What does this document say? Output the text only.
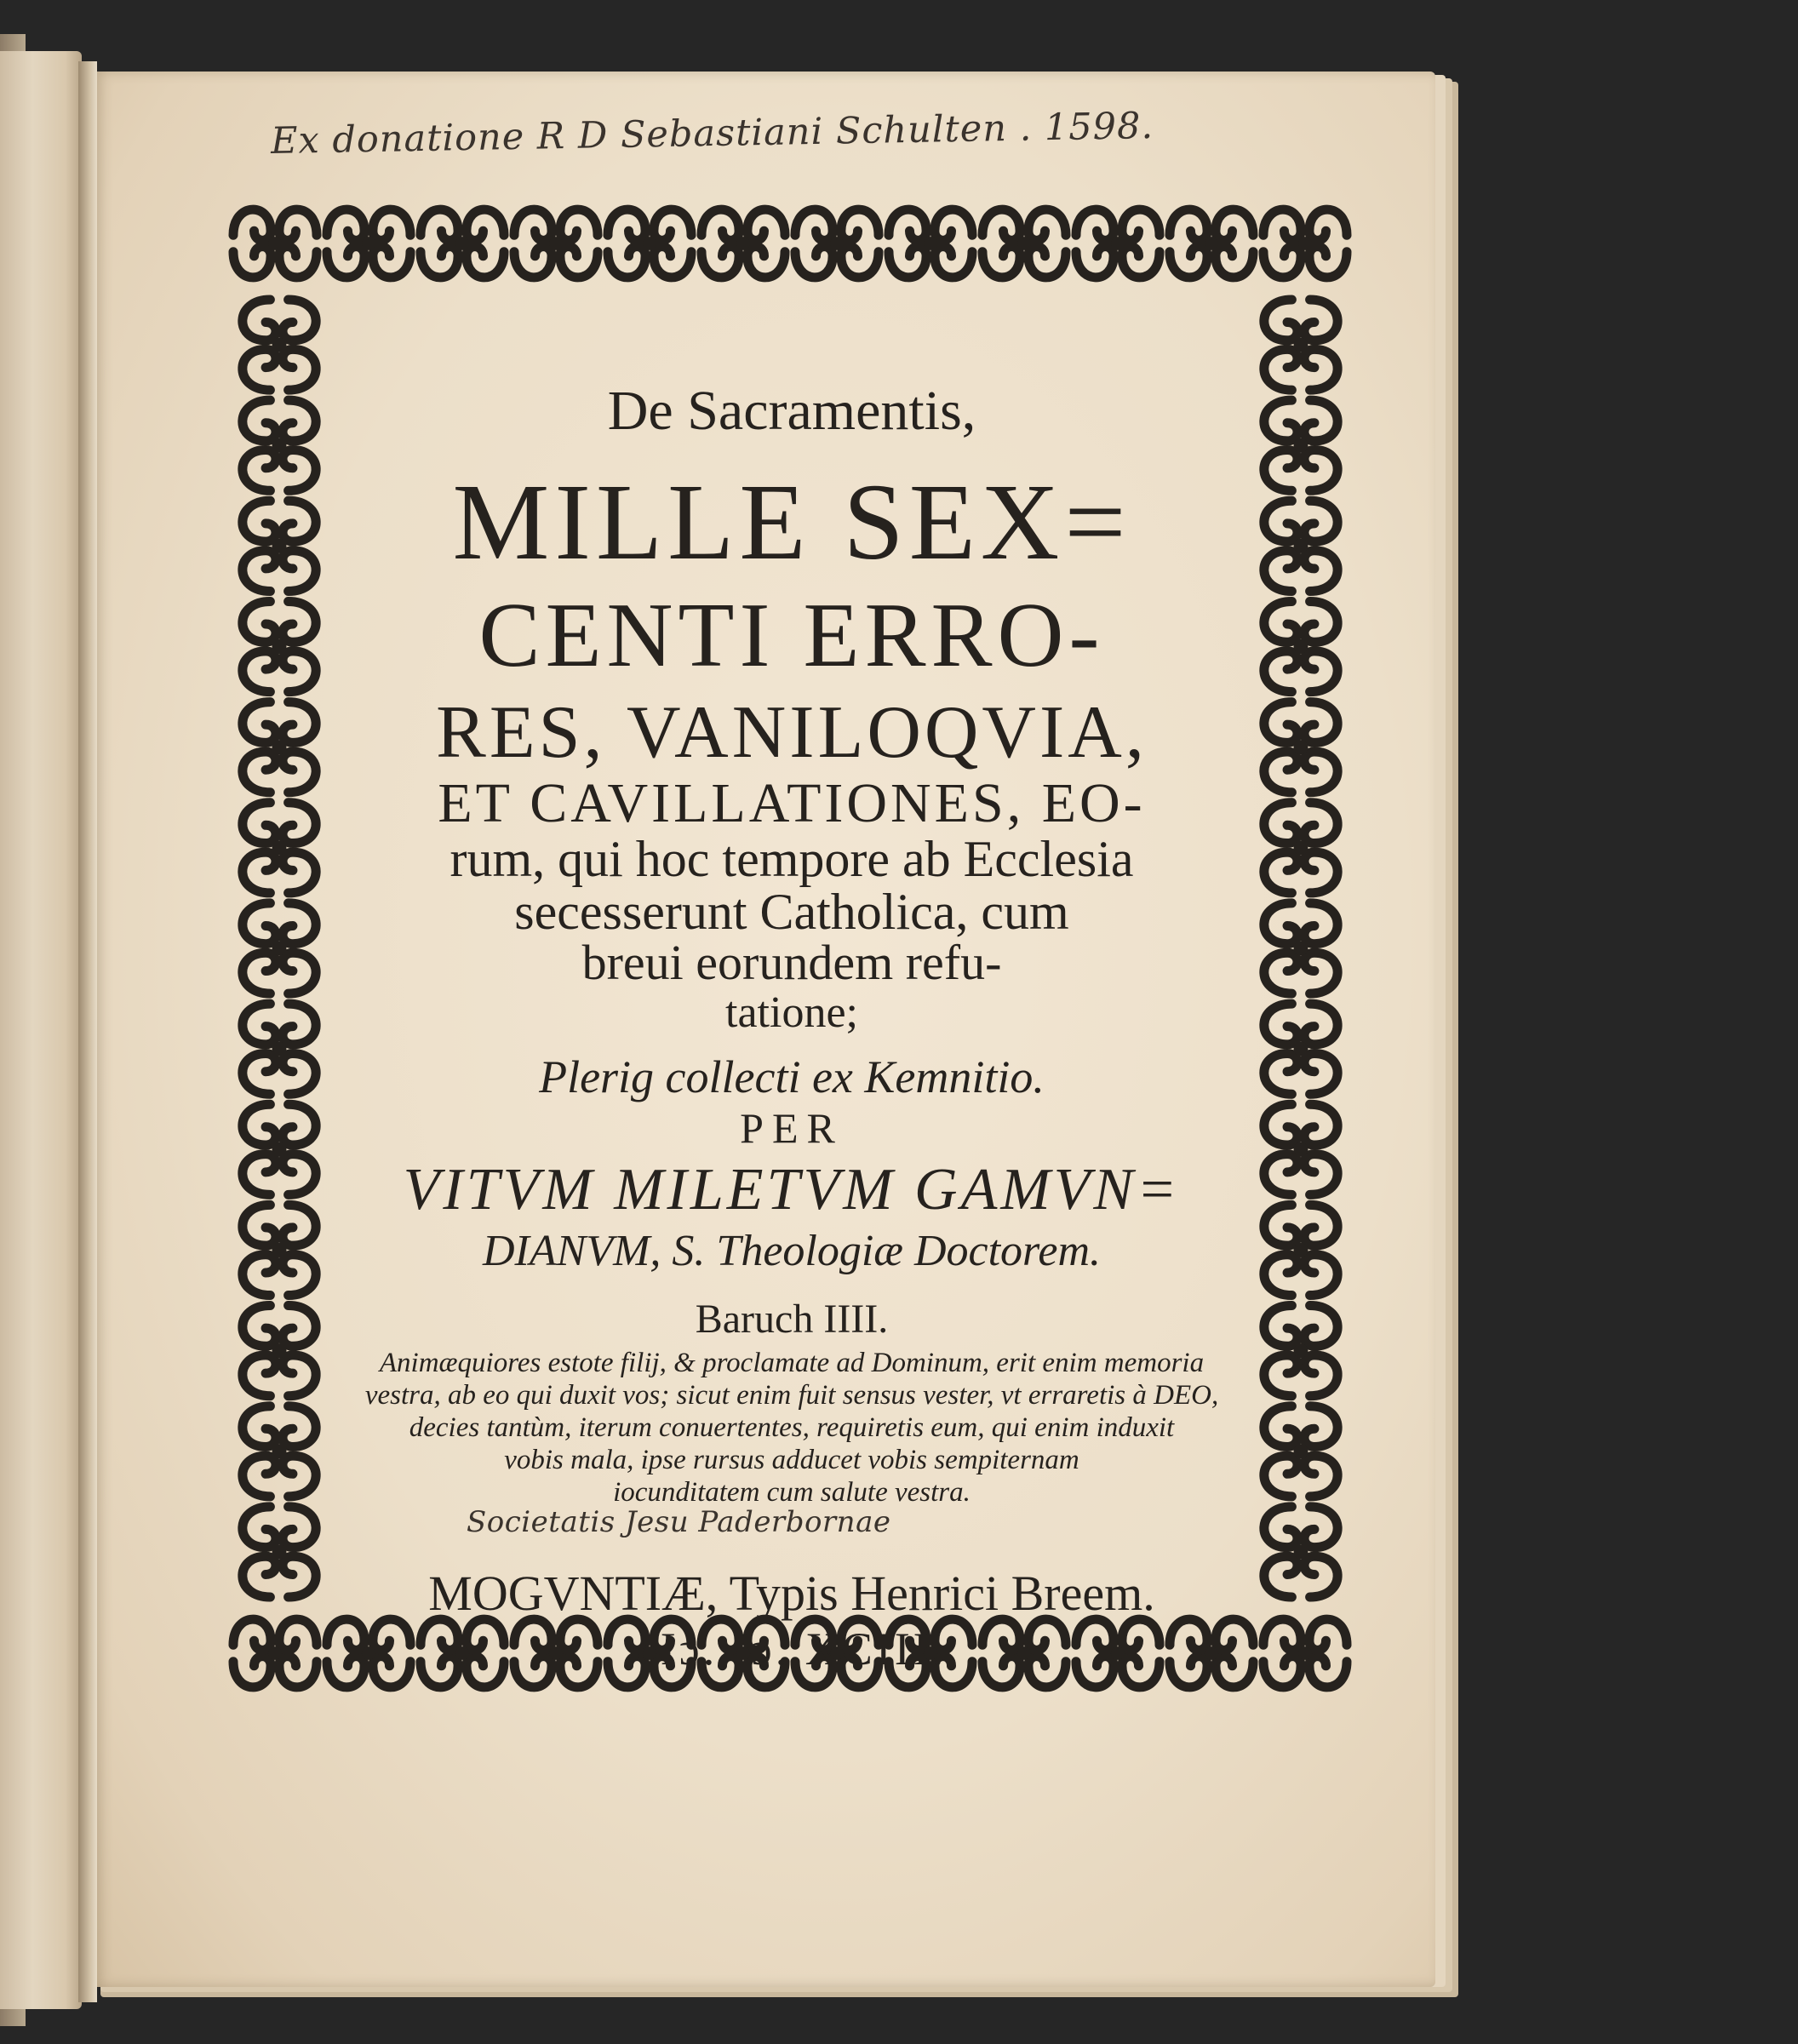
Ex donatione R D Sebastiani Schulten . 1598.
De Sacramentis,
MILLE SEX=
CENTI ERRO-
RES, VANILOQVIA,
ET CAVILLATIONES, EO-
rum, qui hoc tempore ab Ecclesia
secesserunt Catholica, cum
breui eorundem refu-
tatione;
Plerig collecti ex Kemnitio.
PER
VITVM MILETVM GAMVN=
DIANVM, S. Theologiæ Doctorem.
Baruch IIII.
Animæquiores estote filij, & proclamate ad Dominum, erit enim memoria
vestra, ab eo qui duxit vos; sicut enim fuit sensus vester, vt erraretis à DEO,
decies tantùm, iterum conuertentes, requiretis eum, qui enim induxit
vobis mala, ipse rursus adducet vobis sempiternam
iocunditatem cum salute vestra.
Societatis Jesu Paderbornae
MOGVNTIÆ, Typis Henrici Breem.
cIɔ. Iɔ. XCIII.
